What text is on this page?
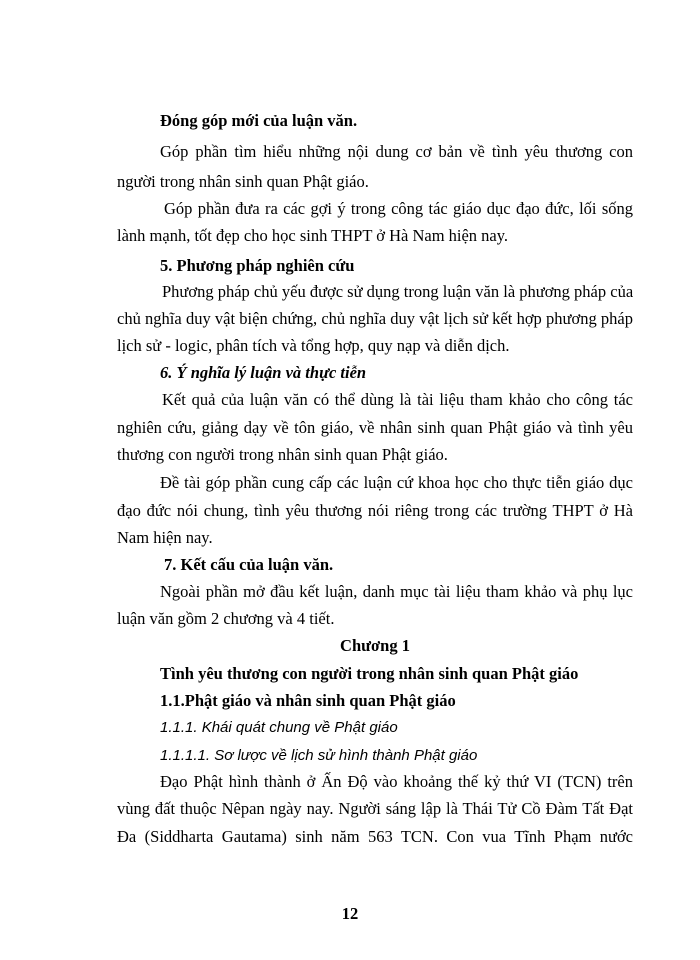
Đóng góp mới của luận văn.
Góp phần tìm hiểu những nội dung cơ bản về tình yêu thương con
người trong nhân sinh quan Phật giáo.
Góp phần đưa ra các gợi ý trong công tác giáo dục đạo đức, lối sống
lành mạnh, tốt đẹp cho học sinh THPT ở Hà Nam hiện nay.
5. Phương pháp nghiên cứu
Phương pháp chủ yếu được sử dụng trong luận văn là phương pháp của
chủ nghĩa duy vật biện chứng, chủ nghĩa duy vật lịch sử kết hợp phương pháp
lịch sử - logic, phân tích và tổng hợp, quy nạp và diễn dịch.
6. Ý nghĩa lý luận và thực tiễn
Kết quả của luận văn có thể dùng là tài liệu tham khảo cho công tác
nghiên cứu, giảng dạy về tôn giáo, về nhân sinh quan Phật giáo và tình yêu
thương con người trong nhân sinh quan Phật giáo.
Đề tài góp phần cung cấp các luận cứ khoa học cho thực tiễn giáo dục
đạo đức nói chung, tình yêu thương nói riêng trong các trường THPT ở Hà
Nam hiện nay.
7. Kết cấu của luận văn.
Ngoài phần mở đầu kết luận, danh mục tài liệu tham khảo và phụ lục
luận văn gồm 2 chương và 4 tiết.
Chương 1
Tình yêu thương con người trong nhân sinh quan Phật giáo
1.1.Phật giáo và nhân sinh quan Phật giáo
1.1.1. Khái quát chung về Phật giáo
1.1.1.1. Sơ lược về lịch sử hình thành Phật giáo
Đạo Phật hình thành ở Ấn Độ vào khoảng thế kỷ thứ VI (TCN) trên
vùng đất thuộc Nêpan ngày nay. Người sáng lập là Thái Tử Cồ Đàm Tất Đạt
Đa (Siddharta Gautama) sinh năm 563 TCN. Con vua Tĩnh Phạm nước
12
